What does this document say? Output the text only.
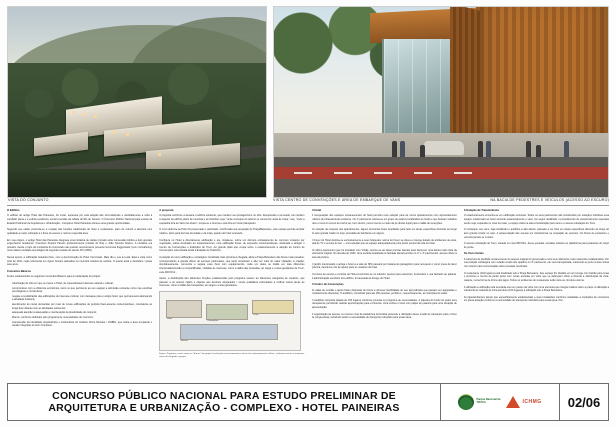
VISTA DO CONJUNTO	VISTA CENTRO DE CONVENÇÕES E ÁREA DE EMBARQUE DE VANS	NA BACIA DE PEDESTRES E VEÍCULOS (ACESSO AO ESCURO)
O Edifício

O edifício do antigo Hotel das Paineiras, há muito, esperava por esta adoção das circunstâncias e decididamente a volta à condição plena e a extinta existência, social a tecidas da cidade do Rio de Janeiro. O Concurso Público Nacional para estudo da Estado Preliminar de Arquitetura e Urbanização - Complexo Hotel Paineiras oferece essa grande oportunidade.

Segundo seu edital, pretende-se a resgate das funções tradicionais do hotel e restaurante, além de reduzir a abertura com qualidade a meios cobiçado a o fluxo de acesso e retorno requerida área.

Em sua origem, o antigo Hotel das Paineiras integrava uma iniciativa de caráter privado soba concessão pública a dois grandes engenheiros brasileiros: Francisco Pereira Passos (posteriormente prefeito do Rio) e João Teixeira Soares. A iniciativa era pioneira: desde o topo da montanha do Corcovado até quando recentemente presente fervorosa fluggenback (com cremalheira), uma notável novidade tecnológica da segunda metade do século XIX (1884).

Nessa época, a edificação hoteleira ficou, com a denominação de Hotel Corcovado. Mais tão e sua lei está. Está a vista como ciclo de 1911, cujas volumetria em vigour ficaram passadas na memória coletiva do carioca. O quarto atual é desdobra / quase sete anos.

Conceitos Básicos

Foram estabelecidos os seguintes Conceitos Básicos para a implantação do projeto:

• valorização do sítio em que se insere o Hotel, de inquestionável interesse natural e cultural;
• compromisso com a eficiência econômica, tanto no que pertinente ao uso equipar a admissão existente como nas escolhas tecnológicas e construtivas;
• resgate a revitalização das edificações de interesse cultural, com destaque para o antigo hotel, que permanecerá alcançando a atividade hoteleira;
• atendimento às novas demandas por meio de novas edificações de perfeita fraco-assente contemporâneo, consistente ao longo das urbanas com as atividades existentes;
• adequada atenção à adequação e coordenação da plasticidade do conjunto;
• Planos, conforme definidos pelo programa de necessidades do concurso;
• manutenção da identidade arquitetônica e institucional do Instituto Chico Mendes / ICMBio, que tutela a área ocupando o caráter integrado ao bom Complexo.
A proposta

A proposta conforme a destaca o edifício existente, que mantém seu protagonismo no sítio. Recuperado e renovado, ele mantém a aspecto do edifício plano de memória e de histórias: seja, "onde a retoque do adorno se concentra: aréia de Copa," acp, "onde a esquadria fora de Vaze bel alvaro", ocupa-se o cinema e está fora em hotel planejando.

O novo defronte ao Hotel foi preservado e valorizado. Confirmada sua ocupação de Praça/Belvedere, este espaço permite ampliar rotativo, tanto para bermas da cidade e da mata, quanto do hotel renovado.

Configura no Hotel a directamente edificação e ele, instala-se, sobre um discreto embasamento de concreto modesto por vegetação, nativa destinado ao estacionamento, uma edificação linear, de esquerda contemporâneas, destinada a abrigar o Centro de Convenções e Exibições do Trem. Ao grande platô que ocupa sobre o estacionamento a adoção do Centro de Convenções está situada ainda a Estação de Teleférico.

A posição do novo edificação e estratégica: localizada mais próxima à chegada, alivia a Praça Belvedere das fluxos mais pesados, correspondente a grande afluxo de serviços particulares, que tanto tumultuam e alto vez mais de maior visitação. A criação, simultaneamente, concentra e separa essa fluxo com equipamentos, cada um deles se tratão em sala diferentes interpretativas/visão a compartilharão, voltadas de interesse, como a dalha das bussadas, ao carga e a área geodésica de Trem, este 400 DCnt.,

Assim, a distribuição das diferentes funções estabelecidas pelo programa sustém ao diferentes categorias de usuários, que passam a ter acesso rápido e objetivo aos destinos designados / sendo qualitativa estimulados a unificar outras áreas de interesse, como o bafão das busquedas, ao carga e a área geodésica.

Hotel
Convenções
Praça
Acesso
Figura: Programa, assim como no "bacias" do projeto, localização estacionamento e áreas de estacionamento e bloco, conforme mostra o esquema: áreas de chegada e parque.
O Hotel

A recuperação dos espaços remanescentes do hotel permitiu uma solução para de novos apartamentos com aproveitamento máximo de infraestruturas existente. No 1º pavimento retoma-se em grupo de quartos localizados ao fundo e que ficavam voltados para o muro do centro da má foi ser, bem dentro, pouco menos a mudo da pé direito duplo para o salão de recepções.

No solução da conjunto dos apartamentos, alguns bermérias ficam ampliados para feito em áreas específicas discordo ao longo do acto granda criado no topo, amodada de banheiras em alguns.

O Foyer do Hotel destina-se exclusivamente a seus hóspedes: acima do Foyer se situa a o lounge dotado de ambientes de estar, sala de TV e serviço de bar — uma solução que ao espaço adequadamente este ponto central da vida do hotel.

No último pavimento (que foi ampliado com VIGE), recorre-se ao ideas premier laterais para favorecer uma leitura mais clara da volumetria original. No década de 1930. Uma escada localizada na fachada lateral permite no 2º e 3º pavimentos, acesso direto à area da piscina.

O jardim interpretado o antiga o hotel a a sala do SPA passará por tratamento paisagístico para recuperar o como mesa de lazer (piscina, descanso, bar de apoio) para os usuários do hotel.

Os boxes de serviço e controle do Hotel encontram-se no subsolo: acesso para exteriores, funcionário e usa fachado ser aplanta. A administração escritório dos edifício, foi anexada ao lounge do Hotel.

O Centro de Convenções

As salas de reunião e apoio foram dispostas de forma a oferecer flexibilidade de seu aprendizado que passam ser agrupadas e modularmente dispostas. O auditório, concebido para até 150 pessoas, perfeito é, respectivamente, as restrições de salas.

O auditório comporta platéia de 150 lugares conforme prevista no programa de necessidades. A palestra do fundo do palco sera transparente permitindo realizar aproximações para a Floresta, Uma cortina o túnel com palpei de palestra para uma situação de apresentação.

A organização de acesso no mesmo nível da plataforma ferroviária pretende a utilização desse modal de transporte para o fluxo de congressista, reduzindo assim a necessidade de transporte rodoviário para essas área.

A Estação de Transferência

O estacionamento encontra-se em edificação exclusiva. Todos os seus pavimentos são constituídos por estações robóticas essa espaço relacionado ao hotel servindo estacionamento e vans. No seguir detalhado o procedimento de estacionamento especiais sendo veja, separada no nível da mato, o espaço visita na sala a hotelização para vans e o acesso à Estação do Trem.

O embarque nas vans, haja localizado o auditório à alta aberto, passado a ser feito em áreas específicas discordo ao longo do acto granda criado no topo. A apresentação das anexas em interferência na ocupação de veículos. Os fluxos de pedestres e veículos jamais se cruzam.

O acesso à Estação do Trem, situada no nível 890.50m, dá-se escadas, escadas rolantes ou plataforma para pedestres do corpo de ponte.

Os Usos Gerais

A cobertura do pavilhão remanescente do acesso original foi preservada e terá seus diametros mais masculino estabelecidos. Por sua posição estratégica com relação a lado dos quadros no 3º pavimento, ele será transportada, mantendo-se junto à área virtual com interior para comunicação sobre pousado recobrado.

O restaurante (104 lugares) está localizado sob a Praça Belvedere. Seu espaço fim dividido em um lounge com balcão para sinas e proximos a mezza de jantar pelos com novas escadas em vidro que se debruçam sobre a floresta a distribuição da vista, rasante, numa forma de forma dos lagos. Todos os ambientes do restaurante terão vista ou circuitos externa.

A utilização a utilização está revestida e/ou em partes da vidro com uma estrutura que integra rotativa sobre a praça. A utilização a referência de material de infra-estrutura (104 lugares) a utilização sob a Praça Belvedere.

As lojas/ambientes deram que especificamente estabelecidas e suas instalações conforme instaladas a condições de comércios em plena atuação conforme a necessidade de transporte rodoviário para essas área. Fim.

CONCURSO PÚBLICO NACIONAL PARA ESTUDO PRELIMINAR DE
ARQUITETURA E URBANIZAÇÃO - COMPLEXO - HOTEL PAINEIRAS
Parque Nacional da
TIJUCA	ICHMG	02/06
